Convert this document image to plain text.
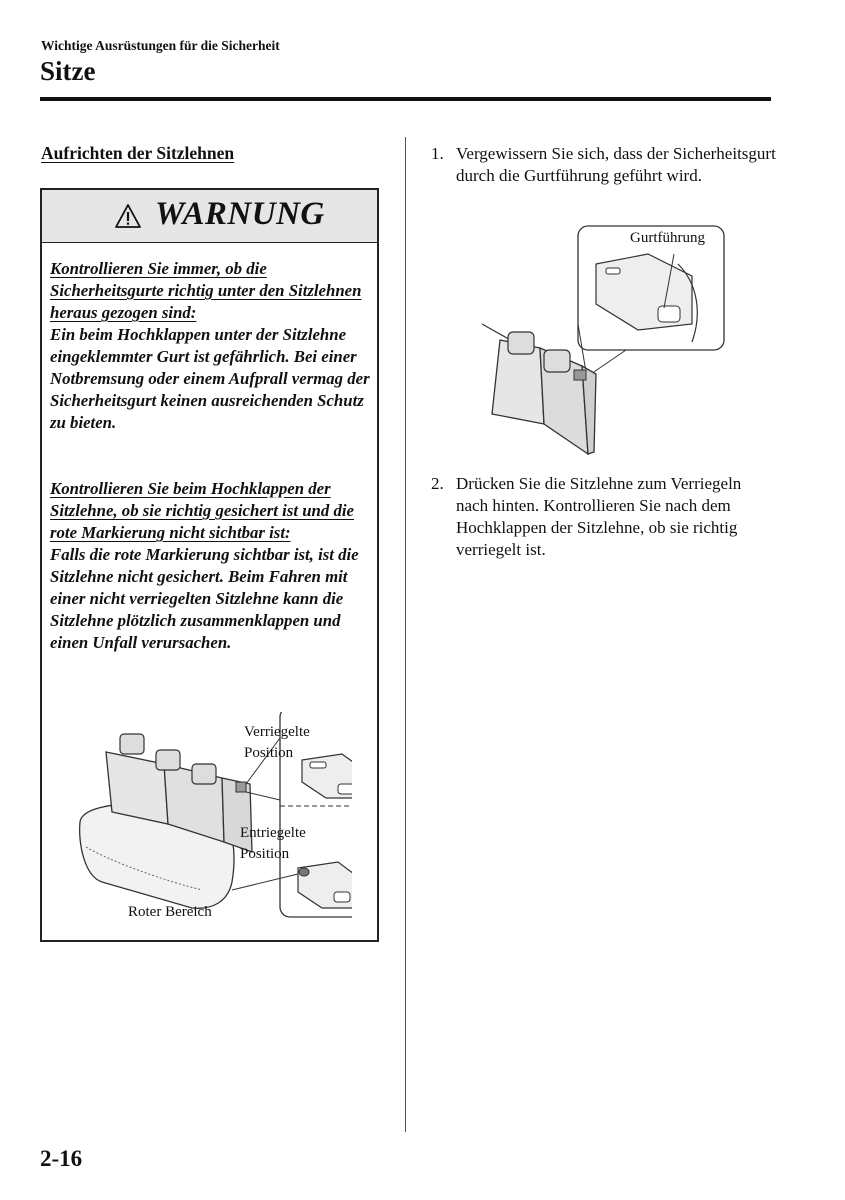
Wichtige Ausrüstungen für die Sicherheit
Sitze
Aufrichten der Sitzlehnen
WARNUNG

Kontrollieren Sie immer, ob die Sicherheitsgurte richtig unter den Sitzlehnen heraus gezogen sind:

Ein beim Hochklappen unter der Sitzlehne eingeklemmter Gurt ist gefährlich. Bei einer Notbremsung oder einem Aufprall vermag der Sicherheitsgurt keinen ausreichenden Schutz zu bieten.

Kontrollieren Sie beim Hochklappen der Sitzlehne, ob sie richtig gesichert ist und die rote Markierung nicht sichtbar ist:

Falls die rote Markierung sichtbar ist, ist die Sitzlehne nicht gesichert. Beim Fahren mit einer nicht verriegelten Sitzlehne kann die Sitzlehne plötzlich zusammenklappen und einen Unfall verursachen.

Verriegelte
Position
Entriegelte
Position
Roter Bereich
1. Vergewissern Sie sich, dass der Sicherheitsgurt durch die Gurtführung geführt wird.
2. Drücken Sie die Sitzlehne zum Verriegeln nach hinten. Kontrollieren Sie nach dem Hochklappen der Sitzlehne, ob sie richtig verriegelt ist.
Gurtführung
2-16
